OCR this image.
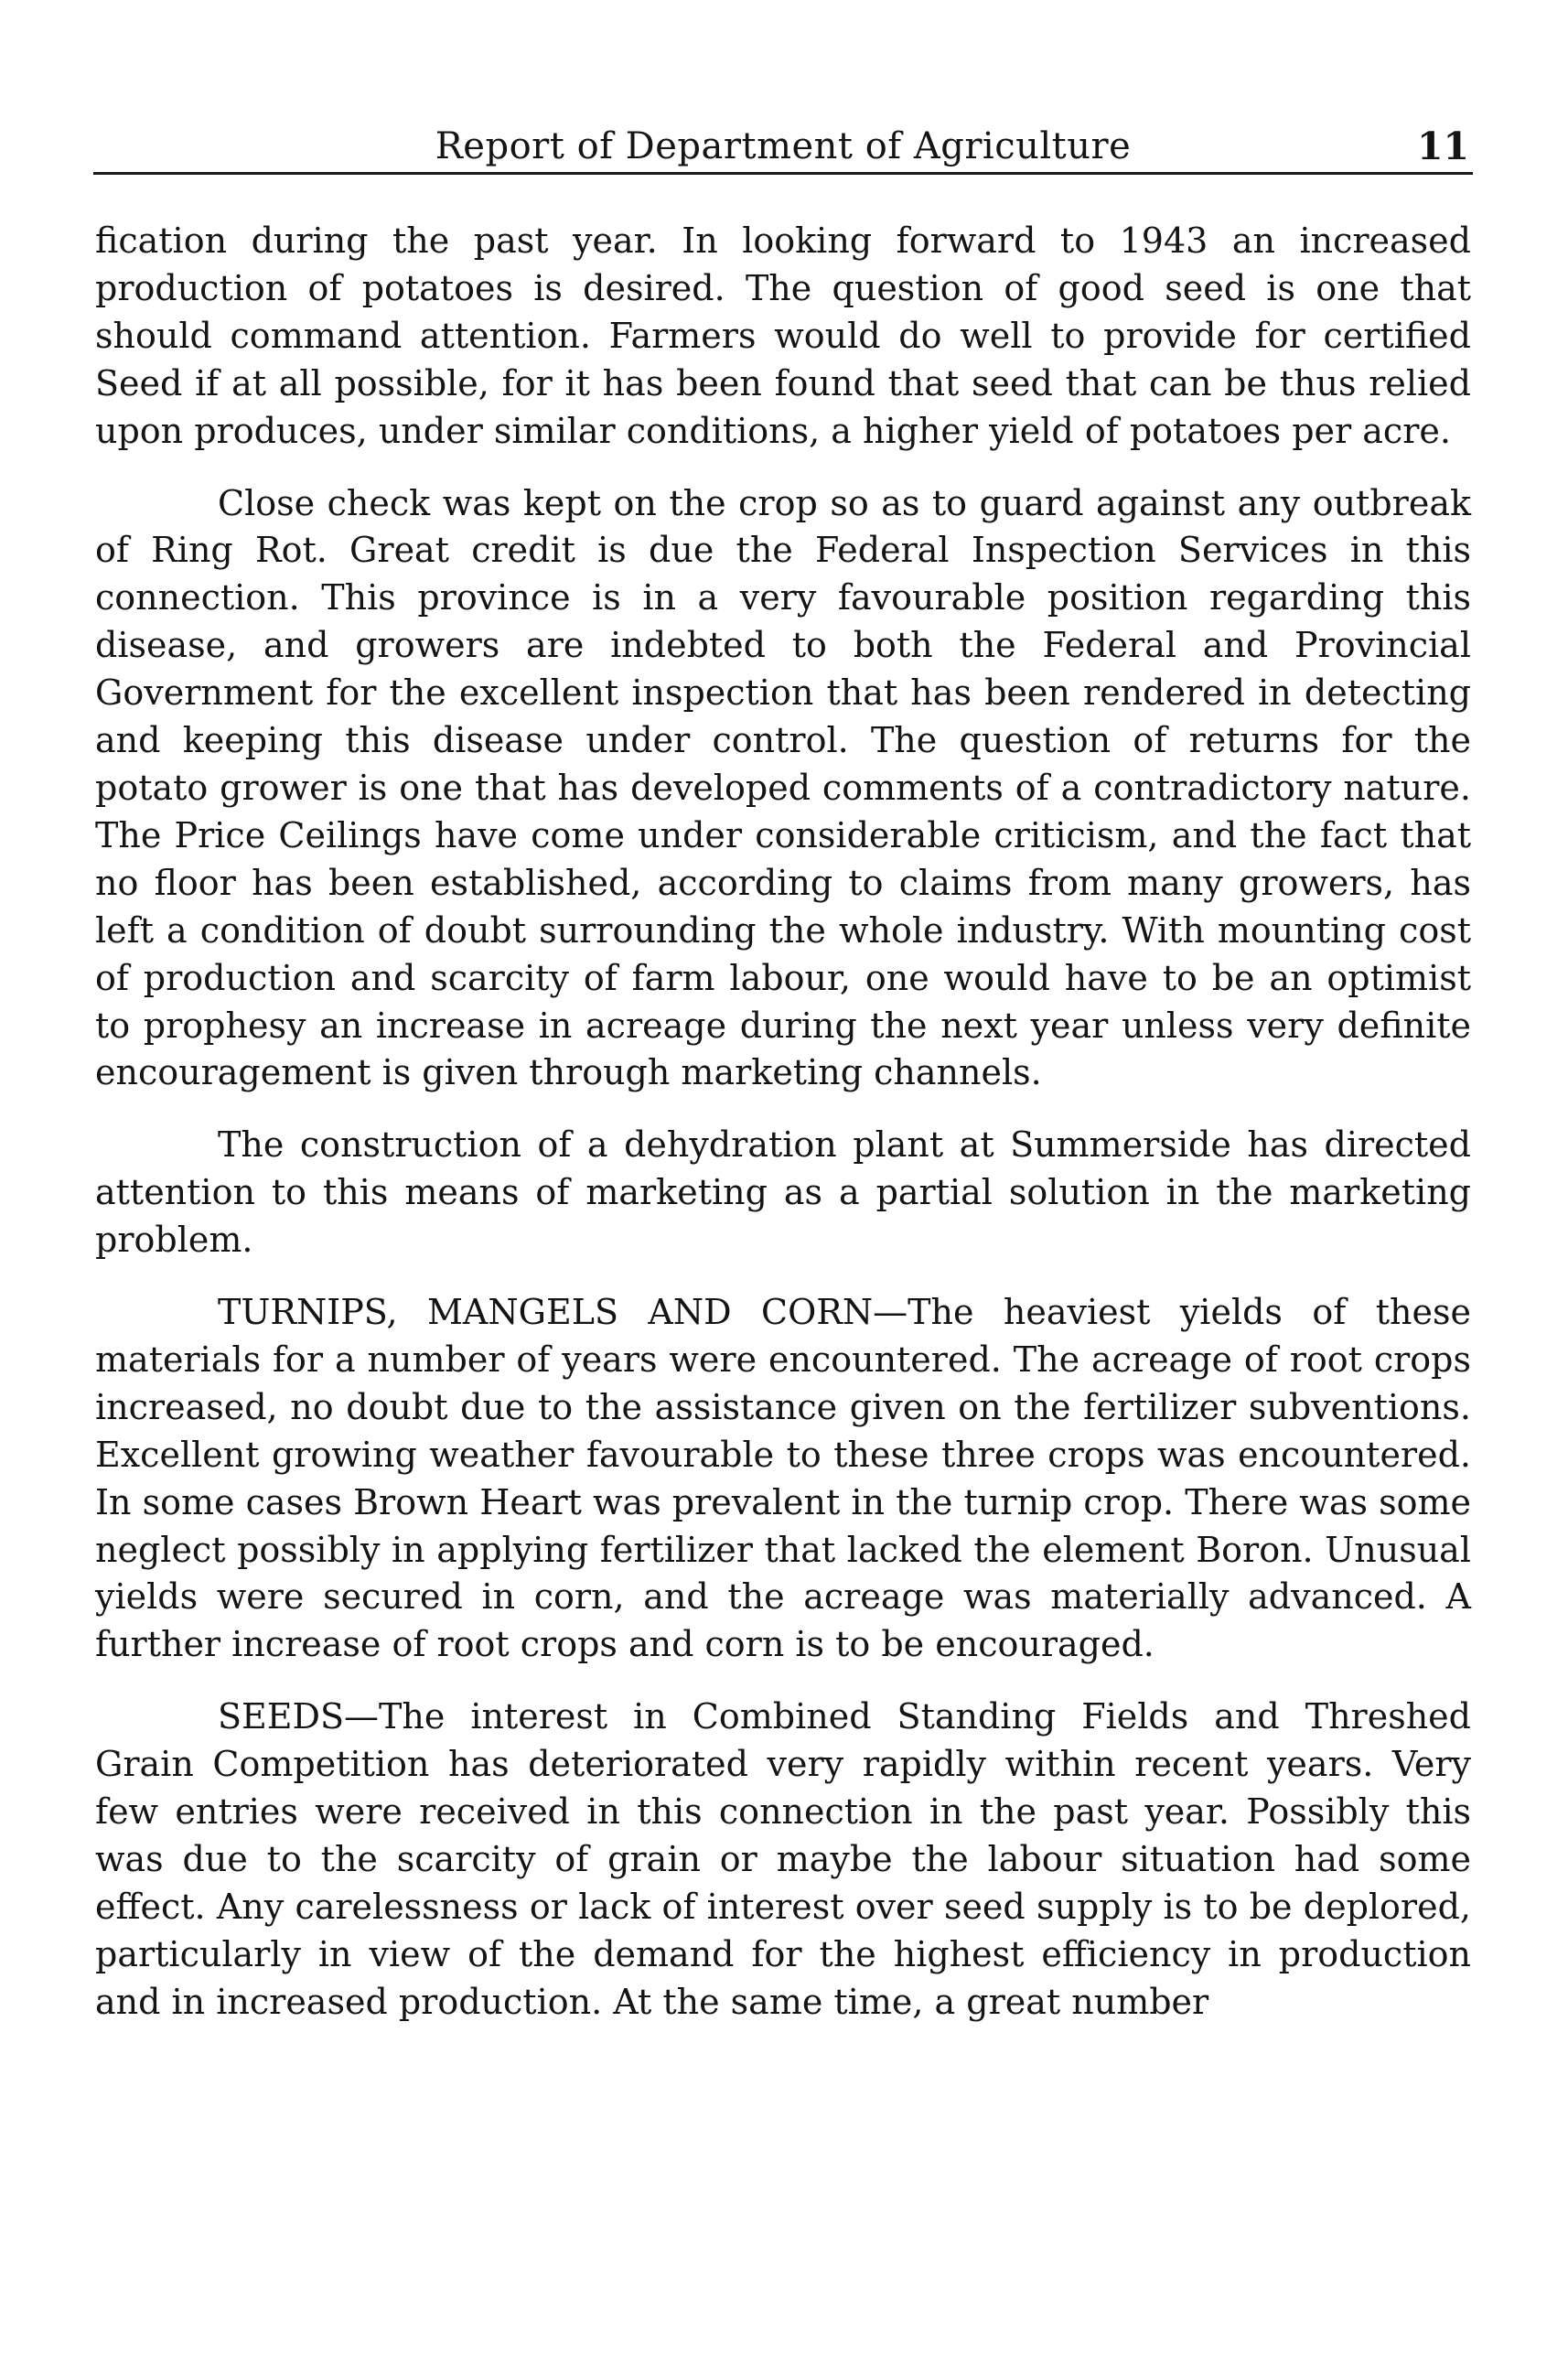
Report of Department of Agriculture	11

fication during the past year. In looking forward to 1943 an increased production of potatoes is desired. The question of good seed is one that should command attention. Farmers would do well to provide for certified Seed if at all possible, for it has been found that seed that can be thus relied upon produces, under similar conditions, a higher yield of potatoes per acre.

Close check was kept on the crop so as to guard against any outbreak of Ring Rot. Great credit is due the Federal Inspection Services in this connection. This province is in a very favourable position regarding this disease, and growers are indebted to both the Federal and Provincial Government for the excellent inspection that has been rendered in detecting and keeping this disease under control. The question of returns for the potato grower is one that has developed comments of a contradictory nature. The Price Ceilings have come under considerable criticism, and the fact that no floor has been established, according to claims from many growers, has left a condition of doubt surrounding the whole industry. With mounting cost of production and scarcity of farm labour, one would have to be an optimist to prophesy an increase in acreage during the next year unless very definite encouragement is given through marketing channels.

The construction of a dehydration plant at Summerside has directed attention to this means of marketing as a partial solution in the marketing problem.

TURNIPS, MANGELS AND CORN—The heaviest yields of these materials for a number of years were encountered. The acreage of root crops increased, no doubt due to the assistance given on the fertilizer subventions. Excellent growing weather favourable to these three crops was encountered. In some cases Brown Heart was prevalent in the turnip crop. There was some neglect possibly in applying fertilizer that lacked the element Boron. Unusual yields were secured in corn, and the acreage was materially advanced. A further increase of root crops and corn is to be encouraged.

SEEDS—The interest in Combined Standing Fields and Threshed Grain Competition has deteriorated very rapidly within recent years. Very few entries were received in this connection in the past year. Possibly this was due to the scarcity of grain or maybe the labour situation had some effect. Any carelessness or lack of interest over seed supply is to be deplored, particularly in view of the demand for the highest efficiency in production and in increased production. At the same time, a great number
